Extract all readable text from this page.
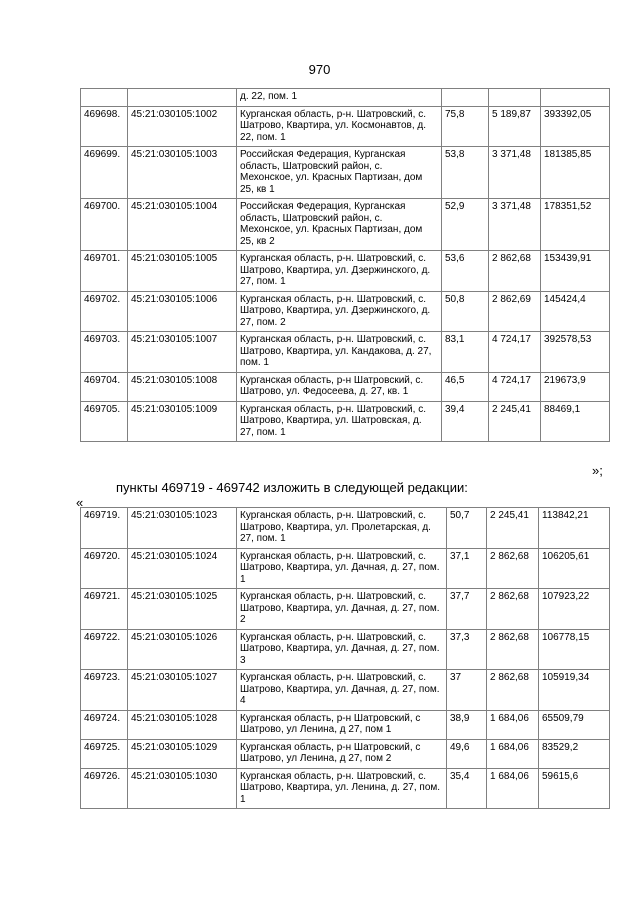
970
		д. 22, пом. 1			
469698.	45:21:030105:1002	Курганская область, р-н. Шатровский, с. Шатрово, Квартира, ул. Космонавтов, д. 22, пом. 1	75,8	5 189,87	393392,05
469699.	45:21:030105:1003	Российская Федерация, Курганская область, Шатровский район, с. Мехонское, ул. Красных Партизан, дом 25, кв 1	53,8	3 371,48	181385,85
469700.	45:21:030105:1004	Российская Федерация, Курганская область, Шатровский район, с. Мехонское, ул. Красных Партизан, дом 25, кв 2	52,9	3 371,48	178351,52
469701.	45:21:030105:1005	Курганская область, р-н. Шатровский, с. Шатрово, Квартира, ул. Дзержинского, д. 27, пом. 1	53,6	2 862,68	153439,91
469702.	45:21:030105:1006	Курганская область, р-н. Шатровский, с. Шатрово, Квартира, ул. Дзержинского, д. 27, пом. 2	50,8	2 862,69	145424,4
469703.	45:21:030105:1007	Курганская область, р-н. Шатровский, с. Шатрово, Квартира, ул. Кандакова, д. 27, пом. 1	83,1	4 724,17	392578,53
469704.	45:21:030105:1008	Курганская область, р-н Шатровский, с. Шатрово, ул. Федосеева, д. 27, кв. 1	46,5	4 724,17	219673,9
469705.	45:21:030105:1009	Курганская область, р-н. Шатровский, с. Шатрово, Квартира, ул. Шатровская, д. 27, пом. 1	39,4	2 245,41	88469,1
»;
пункты 469719 - 469742 изложить в следующей редакции:
«
469719.	45:21:030105:1023	Курганская область, р-н. Шатровский, с. Шатрово, Квартира, ул. Пролетарская, д. 27, пом. 1	50,7	2 245,41	113842,21
469720.	45:21:030105:1024	Курганская область, р-н. Шатровский, с. Шатрово, Квартира, ул. Дачная, д. 27, пом. 1	37,1	2 862,68	106205,61
469721.	45:21:030105:1025	Курганская область, р-н. Шатровский, с. Шатрово, Квартира, ул. Дачная, д. 27, пом. 2	37,7	2 862,68	107923,22
469722.	45:21:030105:1026	Курганская область, р-н. Шатровский, с. Шатрово, Квартира, ул. Дачная, д. 27, пом. 3	37,3	2 862,68	106778,15
469723.	45:21:030105:1027	Курганская область, р-н. Шатровский, с. Шатрово, Квартира, ул. Дачная, д. 27, пом. 4	37	2 862,68	105919,34
469724.	45:21:030105:1028	Курганская область, р-н Шатровский, с Шатрово, ул Ленина, д 27, пом 1	38,9	1 684,06	65509,79
469725.	45:21:030105:1029	Курганская область, р-н Шатровский, с Шатрово, ул Ленина, д 27, пом 2	49,6	1 684,06	83529,2
469726.	45:21:030105:1030	Курганская область, р-н. Шатровский, с. Шатрово, Квартира, ул. Ленина, д. 27, пом. 1	35,4	1 684,06	59615,6
